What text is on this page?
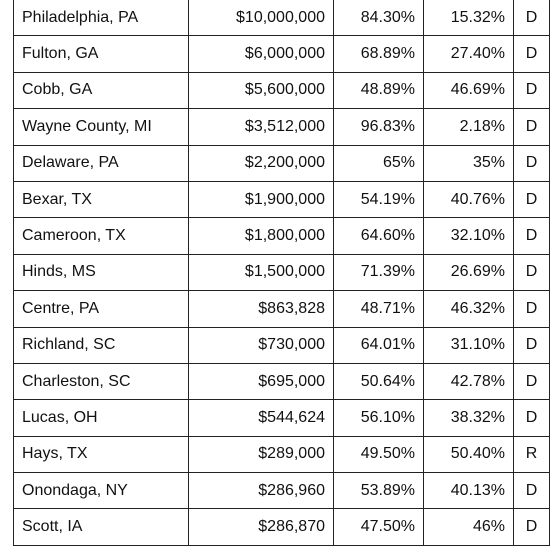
Philadelphia, PA	$10,000,000	84.30%	15.32%	D
Fulton, GA	$6,000,000	68.89%	27.40%	D
Cobb, GA	$5,600,000	48.89%	46.69%	D
Wayne County, MI	$3,512,000	96.83%	2.18%	D
Delaware, PA	$2,200,000	65%	35%	D
Bexar, TX	$1,900,000	54.19%	40.76%	D
Cameroon, TX	$1,800,000	64.60%	32.10%	D
Hinds, MS	$1,500,000	71.39%	26.69%	D
Centre, PA	$863,828	48.71%	46.32%	D
Richland, SC	$730,000	64.01%	31.10%	D
Charleston, SC	$695,000	50.64%	42.78%	D
Lucas, OH	$544,624	56.10%	38.32%	D
Hays, TX	$289,000	49.50%	50.40%	R
Onondaga, NY	$286,960	53.89%	40.13%	D
Scott, IA	$286,870	47.50%	46%	D
